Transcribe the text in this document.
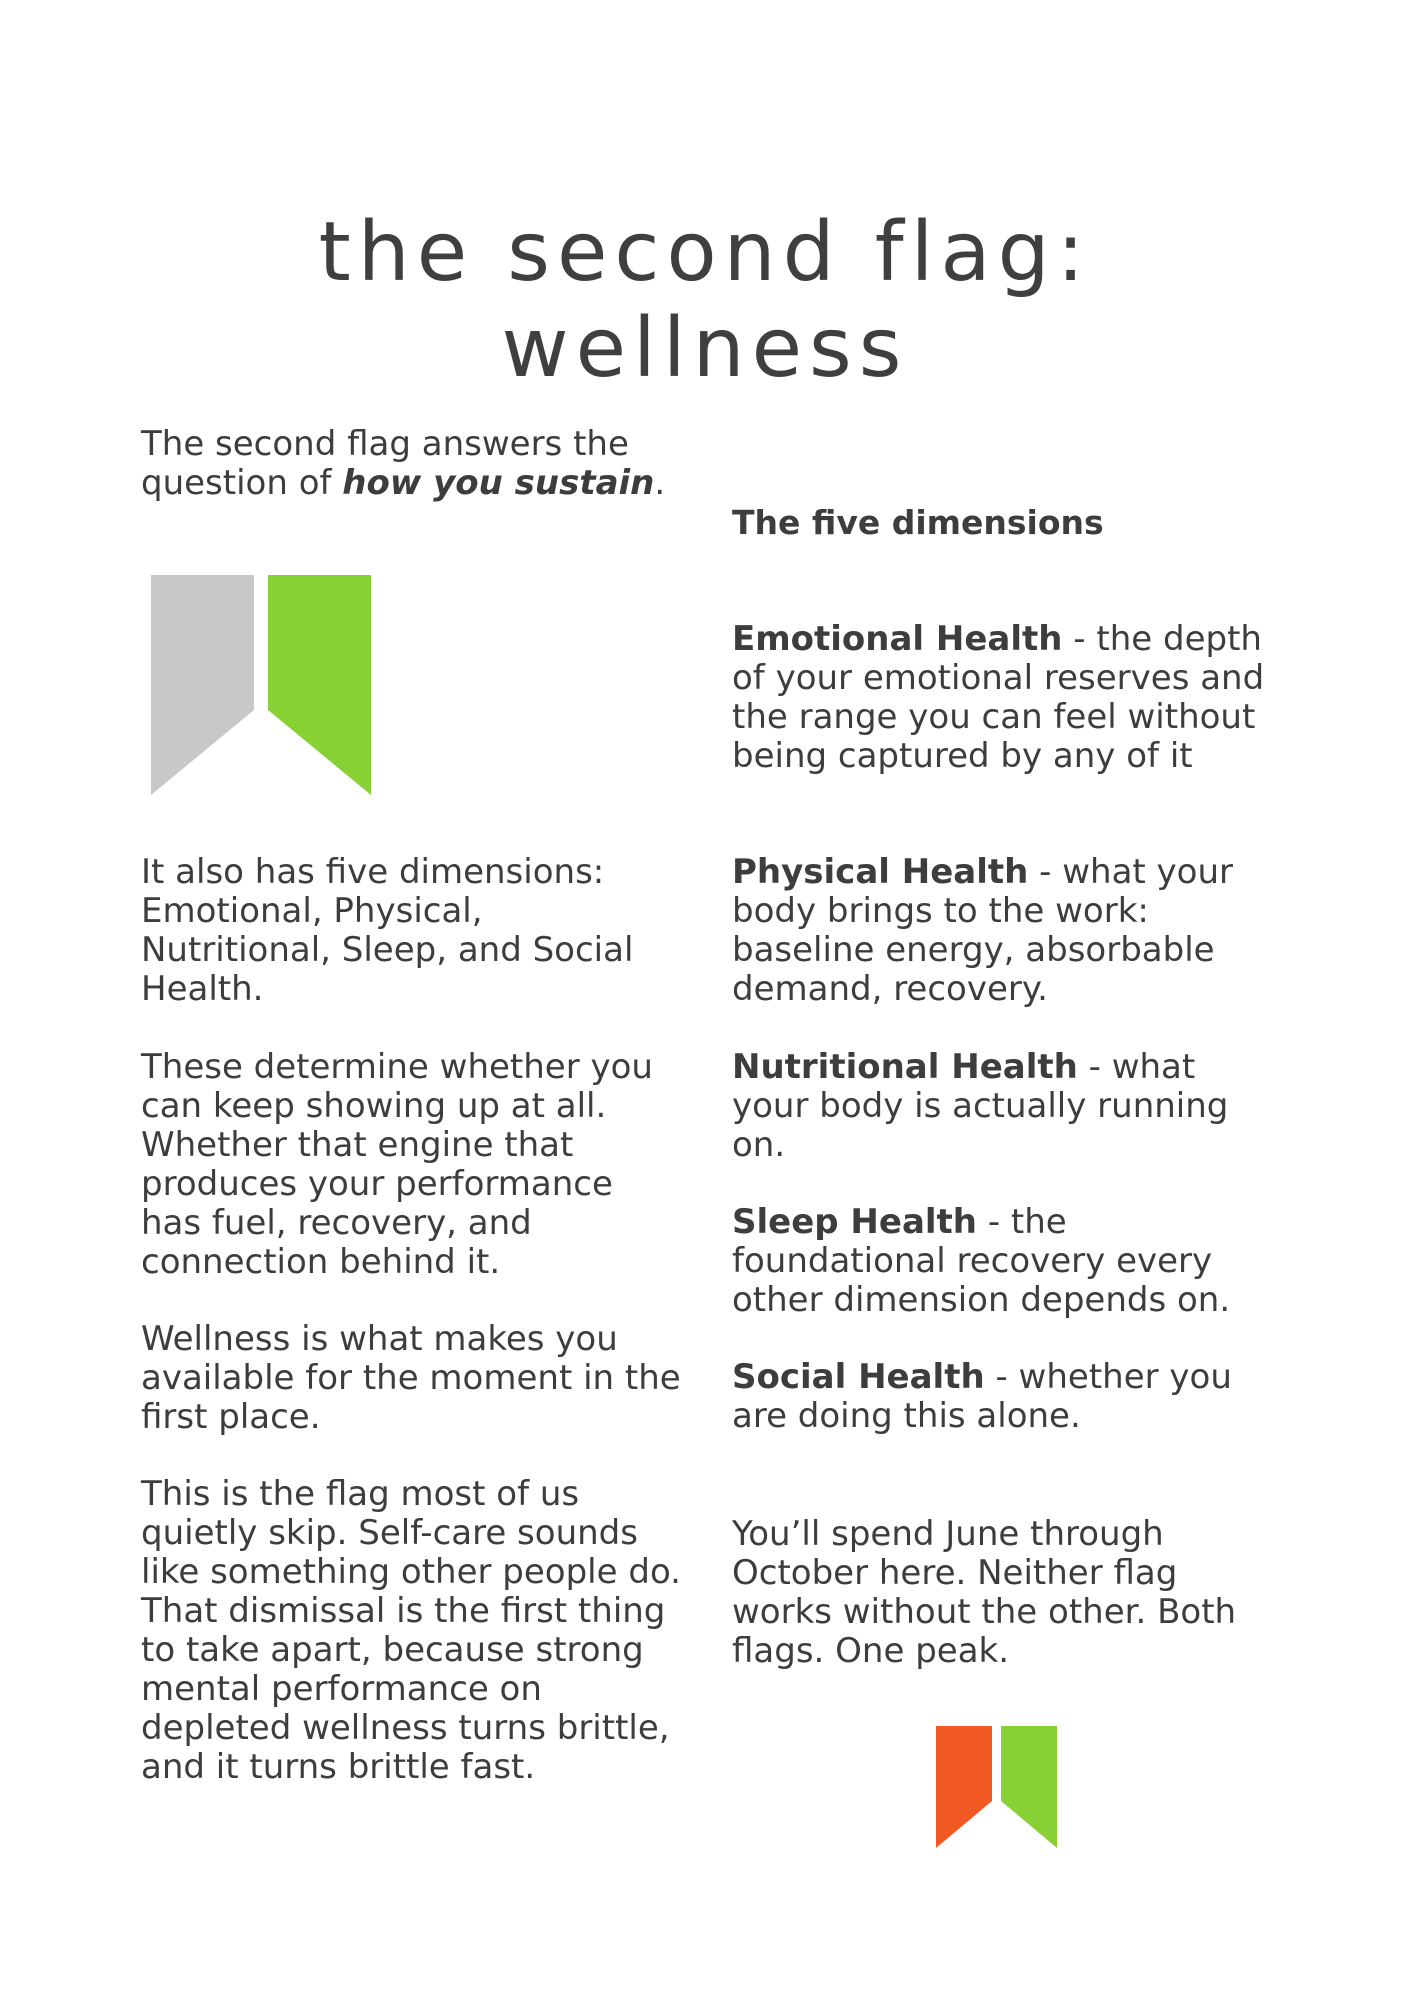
the second flag:
wellness

The second flag answers the question of how you sustain.

It also has five dimensions: Emotional, Physical, Nutritional, Sleep, and Social Health.

These determine whether you can keep showing up at all. Whether that engine that produces your performance has fuel, recovery, and connection behind it.

Wellness is what makes you available for the moment in the first place.

This is the flag most of us quietly skip. Self-care sounds like something other people do. That dismissal is the first thing to take apart, because strong mental performance on depleted wellness turns brittle, and it turns brittle fast.

The five dimensions

Emotional Health - the depth of your emotional reserves and the range you can feel without being captured by any of it

Physical Health - what your body brings to the work: baseline energy, absorbable demand, recovery.

Nutritional Health - what your body is actually running on.

Sleep Health - the foundational recovery every other dimension depends on.

Social Health - whether you are doing this alone.

You’ll spend June through October here. Neither flag works without the other. Both flags. One peak.
